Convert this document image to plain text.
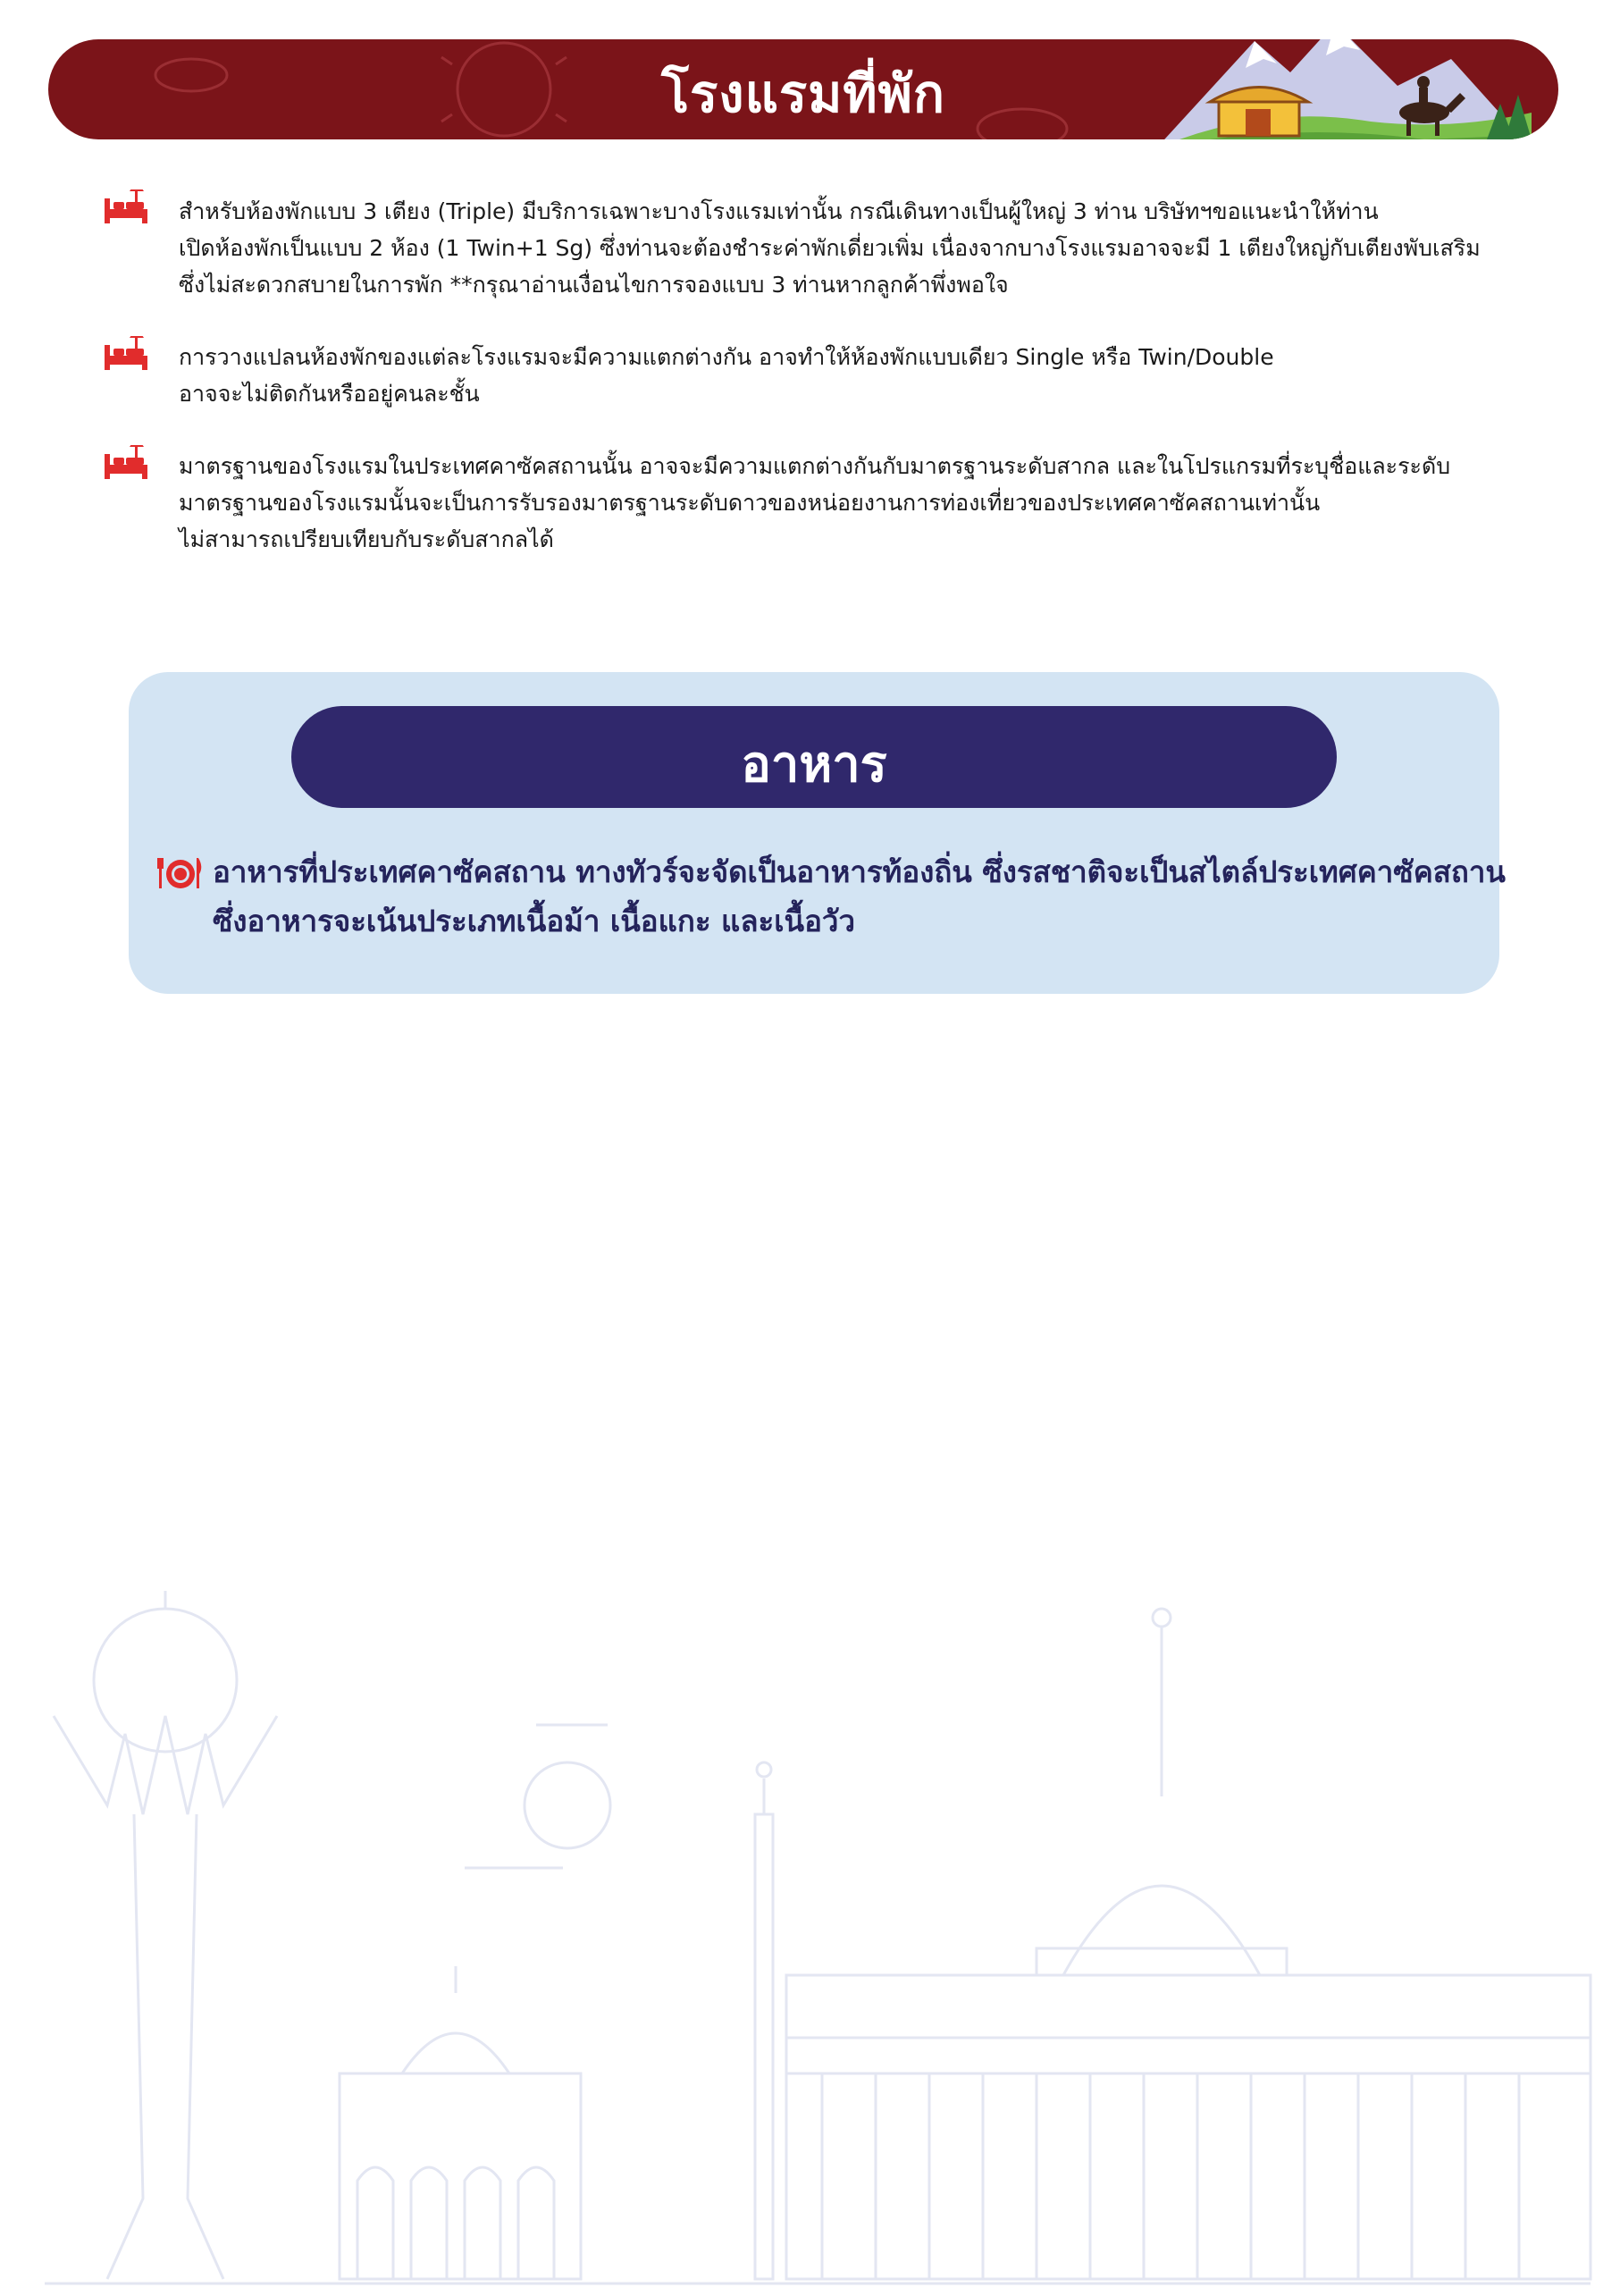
โรงแรมที่พัก
สำหรับห้องพักแบบ 3 เตียง (Triple) มีบริการเฉพาะบางโรงแรมเท่านั้น กรณีเดินทางเป็นผู้ใหญ่ 3 ท่าน บริษัทฯขอแนะนำให้ท่าน
เปิดห้องพักเป็นแบบ 2 ห้อง (1 Twin+1 Sg) ซึ่งท่านจะต้องชำระค่าพักเดี่ยวเพิ่ม เนื่องจากบางโรงแรมอาจจะมี 1 เตียงใหญ่กับเตียงพับเสริม
ซึ่งไม่สะดวกสบายในการพัก **กรุณาอ่านเงื่อนไขการจองแบบ 3 ท่านหากลูกค้าพึ่งพอใจ
การวางแปลนห้องพักของแต่ละโรงแรมจะมีความแตกต่างกัน อาจทำให้ห้องพักแบบเดียว Single หรือ Twin/Double
อาจจะไม่ติดกันหรืออยู่คนละชั้น
มาตรฐานของโรงแรมในประเทศคาซัคสถานนั้น อาจจะมีความแตกต่างกันกับมาตรฐานระดับสากล และในโปรแกรมที่ระบุชื่อและระดับ
มาตรฐานของโรงแรมนั้นจะเป็นการรับรองมาตรฐานระดับดาวของหน่อยงานการท่องเที่ยวของประเทศคาซัคสถานเท่านั้น
ไม่สามารถเปรียบเทียบกับระดับสากลได้
อาหาร
อาหารที่ประเทศคาซัคสถาน ทางทัวร์จะจัดเป็นอาหารท้องถิ่น ซึ่งรสชาติจะเป็นสไตล์ประเทศคาซัคสถาน
ซึ่งอาหารจะเน้นประเภทเนื้อม้า เนื้อแกะ และเนื้อวัว
